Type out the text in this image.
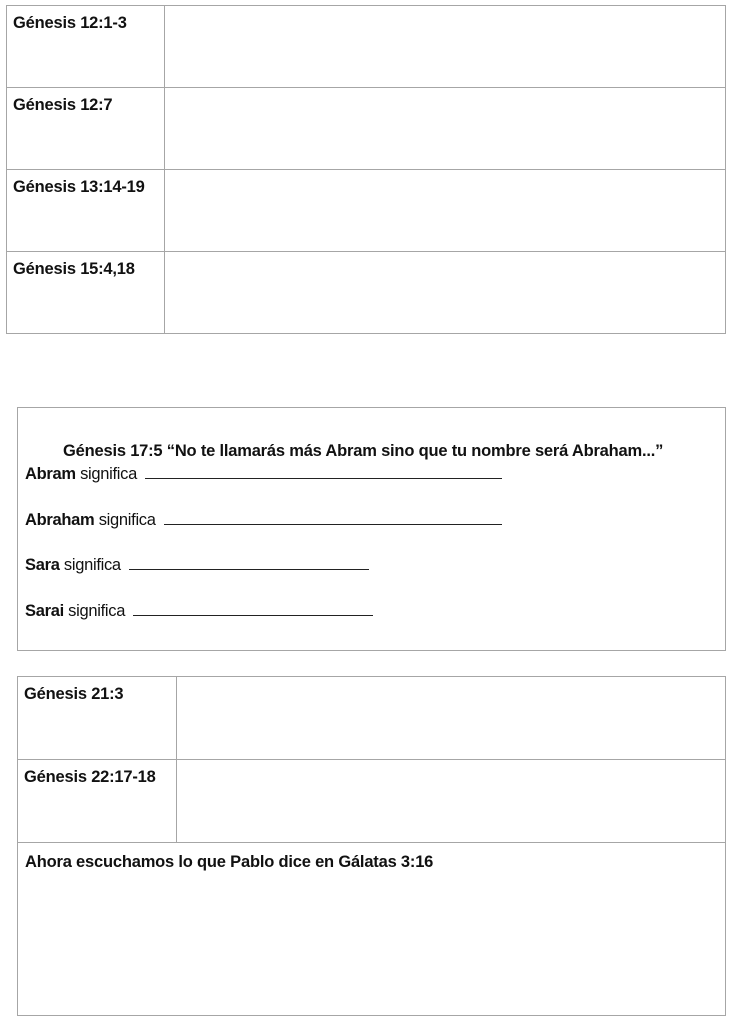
Génesis 12:1-3	
Génesis 12:7	
Génesis 13:14-19	
Génesis 15:4,18	
Génesis 17:5 “No te llamarás más Abram sino que tu nombre será Abraham...”
Abram significa
Abraham significa
Sara significa
Sarai significa
Génesis 21:3	
Génesis 22:17-18	
Ahora escuchamos lo que Pablo dice en Gálatas 3:16	
